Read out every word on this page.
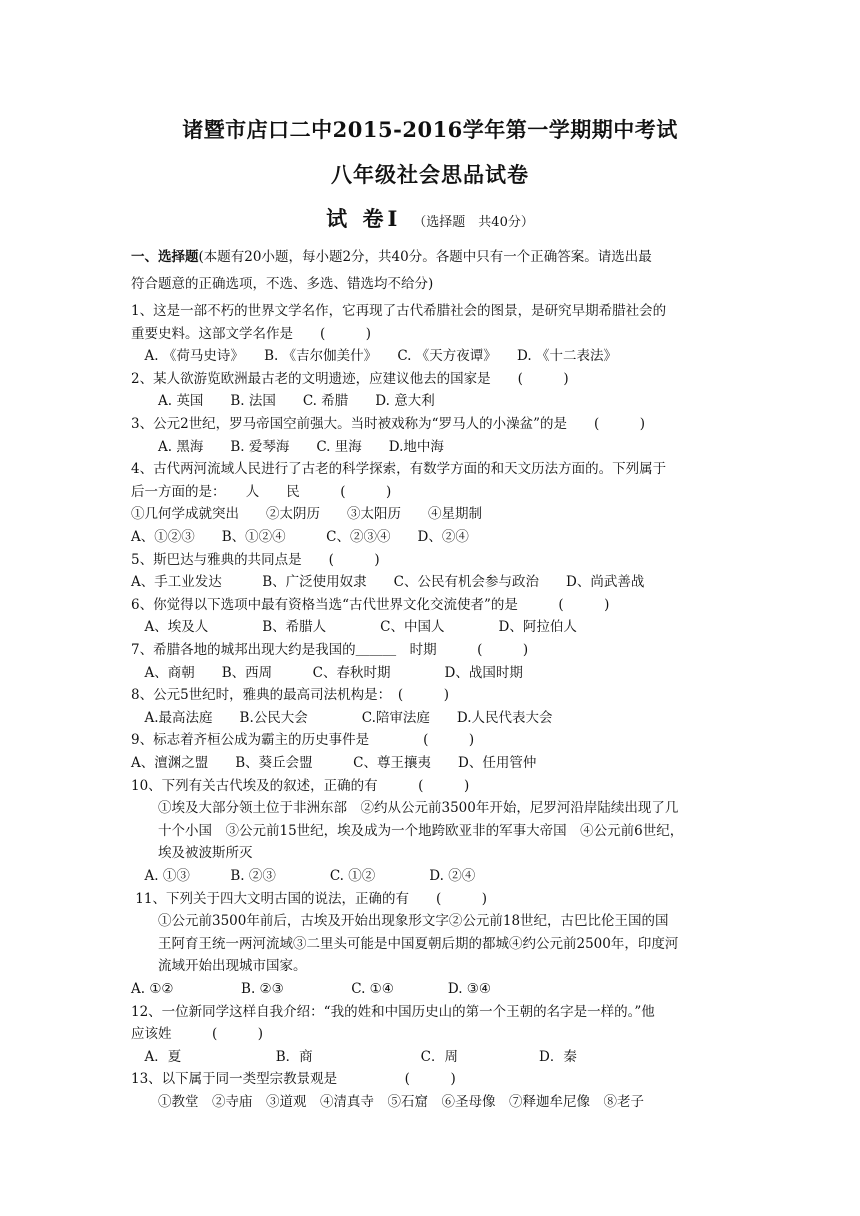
诸暨市店口二中2015-2016学年第一学期期中考试
八年级社会思品试卷
试 卷Ⅰ （选择题　共40分）
一、选择题(本题有20小题，每小题2分，共40分。各题中只有一个正确答案。请选出最
符合题意的正确选项，不选、多选、错选均不给分)
1、这是一部不朽的世界文学名作，它再现了古代希腊社会的图景，是研究早期希腊社会的
重要史料。这部文学名作是　　(　　　)
　A. 《荷马史诗》　　B. 《吉尔伽美什》　　C. 《天方夜谭》　　D. 《十二表法》
2、某人欲游览欧洲最古老的文明遗迹，应建议他去的国家是　　(　　　)
　　A. 英国　　B. 法国　　C. 希腊　　D. 意大利
3、公元2世纪，罗马帝国空前强大。当时被戏称为“罗马人的小澡盆”的是　　(　　　)
　　A. 黑海　　B. 爱琴海　　C. 里海　　D.地中海
4、古代两河流域人民进行了古老的科学探索，有数学方面的和天文历法方面的。下列属于
后一方面的是：　　人　　民　　　(　　　)
①几何学成就突出　　②太阴历　　③太阳历　　④星期制
A、①②③　　B、①②④　　　C、②③④　　D、②④
5、斯巴达与雅典的共同点是　　(　　　)
A、手工业发达　　　B、广泛使用奴隶　　C、公民有机会参与政治　　D、尚武善战
6、你觉得以下选项中最有资格当选“古代世界文化交流使者”的是　　　(　　　)
　A、埃及人　　　　B、希腊人　　　　C、中国人　　　　D、阿拉伯人
7、希腊各地的城邦出现大约是我国的＿＿＿　时期　　　(　　　)
　A、商朝　　B、西周　　　C、春秋时期　　　　D、战国时期
8、公元5世纪时，雅典的最高司法机构是：　(　　　)
　A.最高法庭　　B.公民大会　　　　C.陪审法庭　　D.人民代表大会
9、标志着齐桓公成为霸主的历史事件是　　　　(　　　)
A、澶渊之盟　　B、葵丘会盟　　　C、尊王攘夷　　D、任用管仲
10、下列有关古代埃及的叙述，正确的有　　　(　　　)
　　①埃及大部分领土位于非洲东部　②约从公元前3500年开始，尼罗河沿岸陆续出现了几
　　十个小国　③公元前15世纪，埃及成为一个地跨欧亚非的军事大帝国　④公元前6世纪，
　　埃及被波斯所灭
　A. ①③　　　B. ②③　　　　C. ①②　　　　D. ②④
11、下列关于四大文明古国的说法，正确的有　　(　　　)
　　①公元前3500年前后，古埃及开始出现象形文字②公元前18世纪，古巴比伦王国的国
　　王阿育王统一两河流域③二里头可能是中国夏朝后期的都城④约公元前2500年，印度河
　　流域开始出现城市国家。
A. ①②　　　　　B. ②③　　　　　C. ①④　　　　D. ③④
12、一位新同学这样自我介绍：“我的姓和中国历史山的第一个王朝的名字是一样的。”他
应该姓　　　(　　　)
　A．夏　　　　　　　B．商　　　　　　　　C．周　　　　　　D．秦
13、以下属于同一类型宗教景观是　　　　　(　　　)
　　①教堂　②寺庙　③道观　④清真寺　⑤石窟　⑥圣母像　⑦释迦牟尼像　⑧老子
